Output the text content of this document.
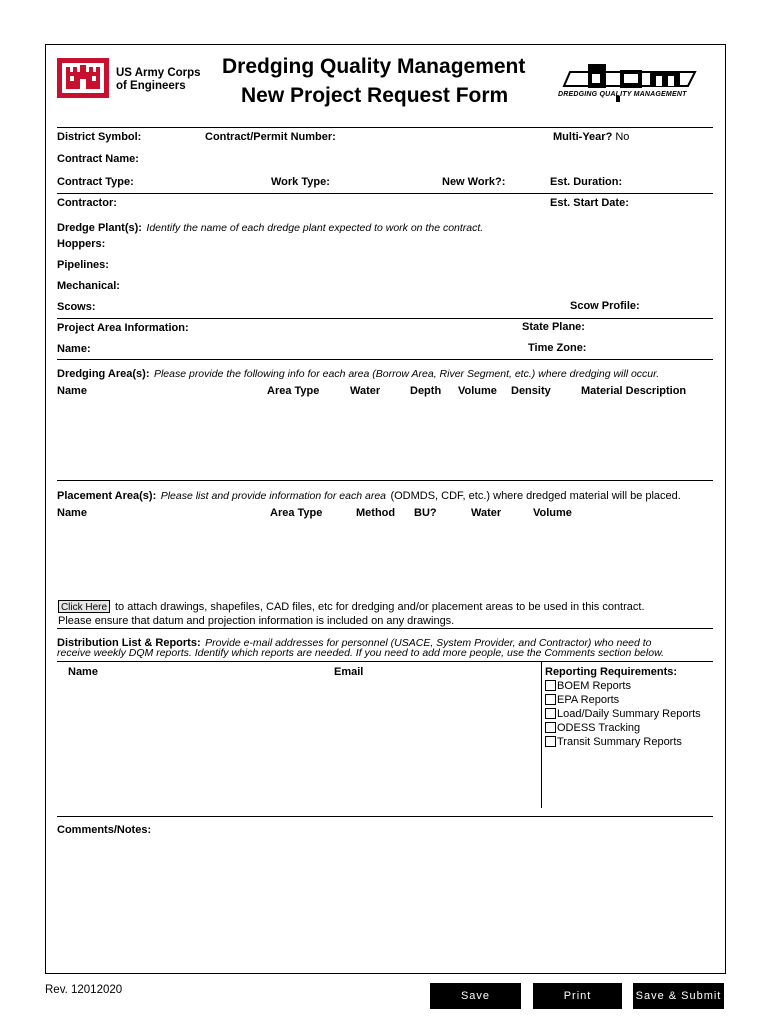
US Army Corps
of Engineers
Dredging Quality Management
New Project Request Form	DREDGING QUALITY MANAGEMENT
District Symbol:	Contract/Permit Number:	Multi-Year? No
Contract Name:
Contract Type:	Work Type:	New Work?:	Est. Duration:
Contractor:	Est. Start Date:
Dredge Plant(s): Identify the name of each dredge plant expected to work on the contract.
Hoppers:
Pipelines:
Mechanical:
Scows:	Scow Profile:
Project Area Information:	State Plane:
Name:	Time Zone:
Dredging Area(s): Please provide the following info for each area (Borrow Area, River Segment, etc.) where dredging will occur.
Name	Area Type	Water	Depth Volume Density	Material Description
Placement Area(s): Please list and provide information for each area (ODMDS, CDF, etc.) where dredged material will be placed.
Name	Area Type	Method BU?	Water	Volume
Click Here to attach drawings, shapefiles, CAD files, etc for dredging and/or placement areas to be used in this contract.
Please ensure that datum and projection information is included on any drawings.
Distribution List & Reports: Provide e-mail addresses for personnel (USACE, System Provider, and Contractor) who need to
receive weekly DQM reports. Identify which reports are needed. If you need to add more people, use the Comments section below.
Name	Email	Reporting Requirements:
BOEM Reports
EPA Reports
Load/Daily Summary Reports
ODESS Tracking
Transit Summary Reports
Comments/Notes:
Rev. 12012020	Save	Print	Save & Submit
